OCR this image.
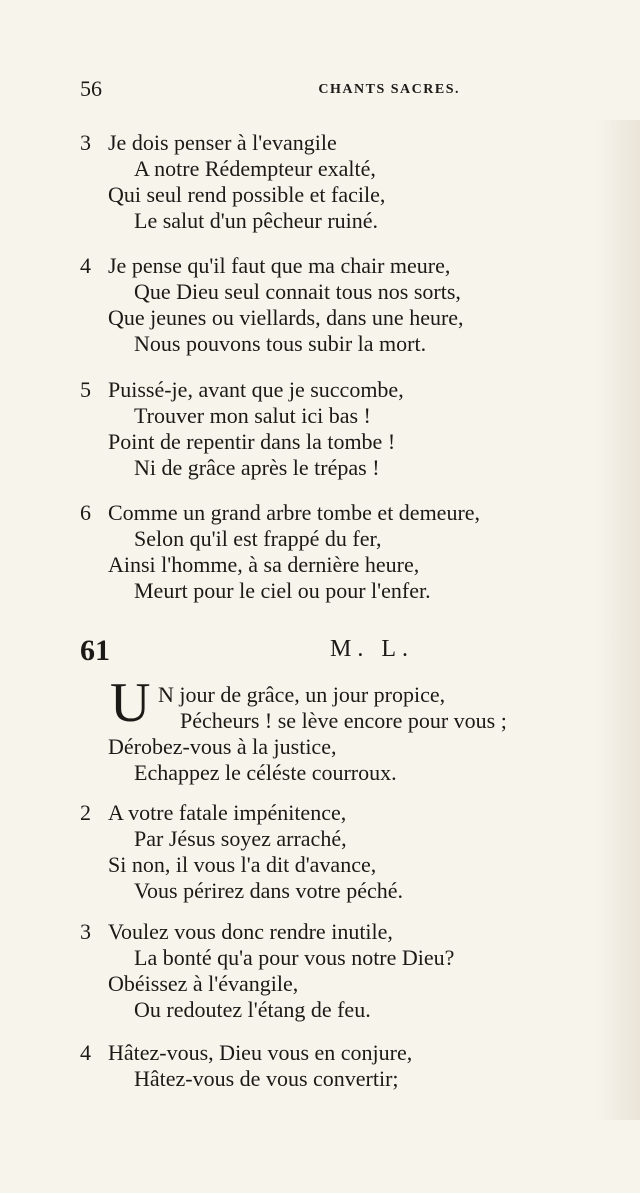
56	CHANTS SACRES.
3 Je dois penser à l'evangile
A notre Rédempteur exalté,
Qui seul rend possible et facile,
Le salut d'un pêcheur ruiné.
4 Je pense qu'il faut que ma chair meure,
Que Dieu seul connait tous nos sorts,
Que jeunes ou viellards, dans une heure,
Nous pouvons tous subir la mort.
5 Puissé-je, avant que je succombe,
Trouver mon salut ici bas !
Point de repentir dans la tombe !
Ni de grâce après le trépas !
6 Comme un grand arbre tombe et demeure,
Selon qu'il est frappé du fer,
Ainsi l'homme, à sa dernière heure,
Meurt pour le ciel ou pour l'enfer.
61	M. L.
U N jour de grâce, un jour propice,
Pécheurs ! se lève encore pour vous ;
Dérobez-vous à la justice,
Echappez le céléste courroux.
2 A votre fatale impénitence,
Par Jésus soyez arraché,
Si non, il vous l'a dit d'avance,
Vous périrez dans votre péché.
3 Voulez vous donc rendre inutile,
La bonté qu'a pour vous notre Dieu?
Obéissez à l'évangile,
Ou redoutez l'étang de feu.
4 Hâtez-vous, Dieu vous en conjure,
Hâtez-vous de vous convertir;
